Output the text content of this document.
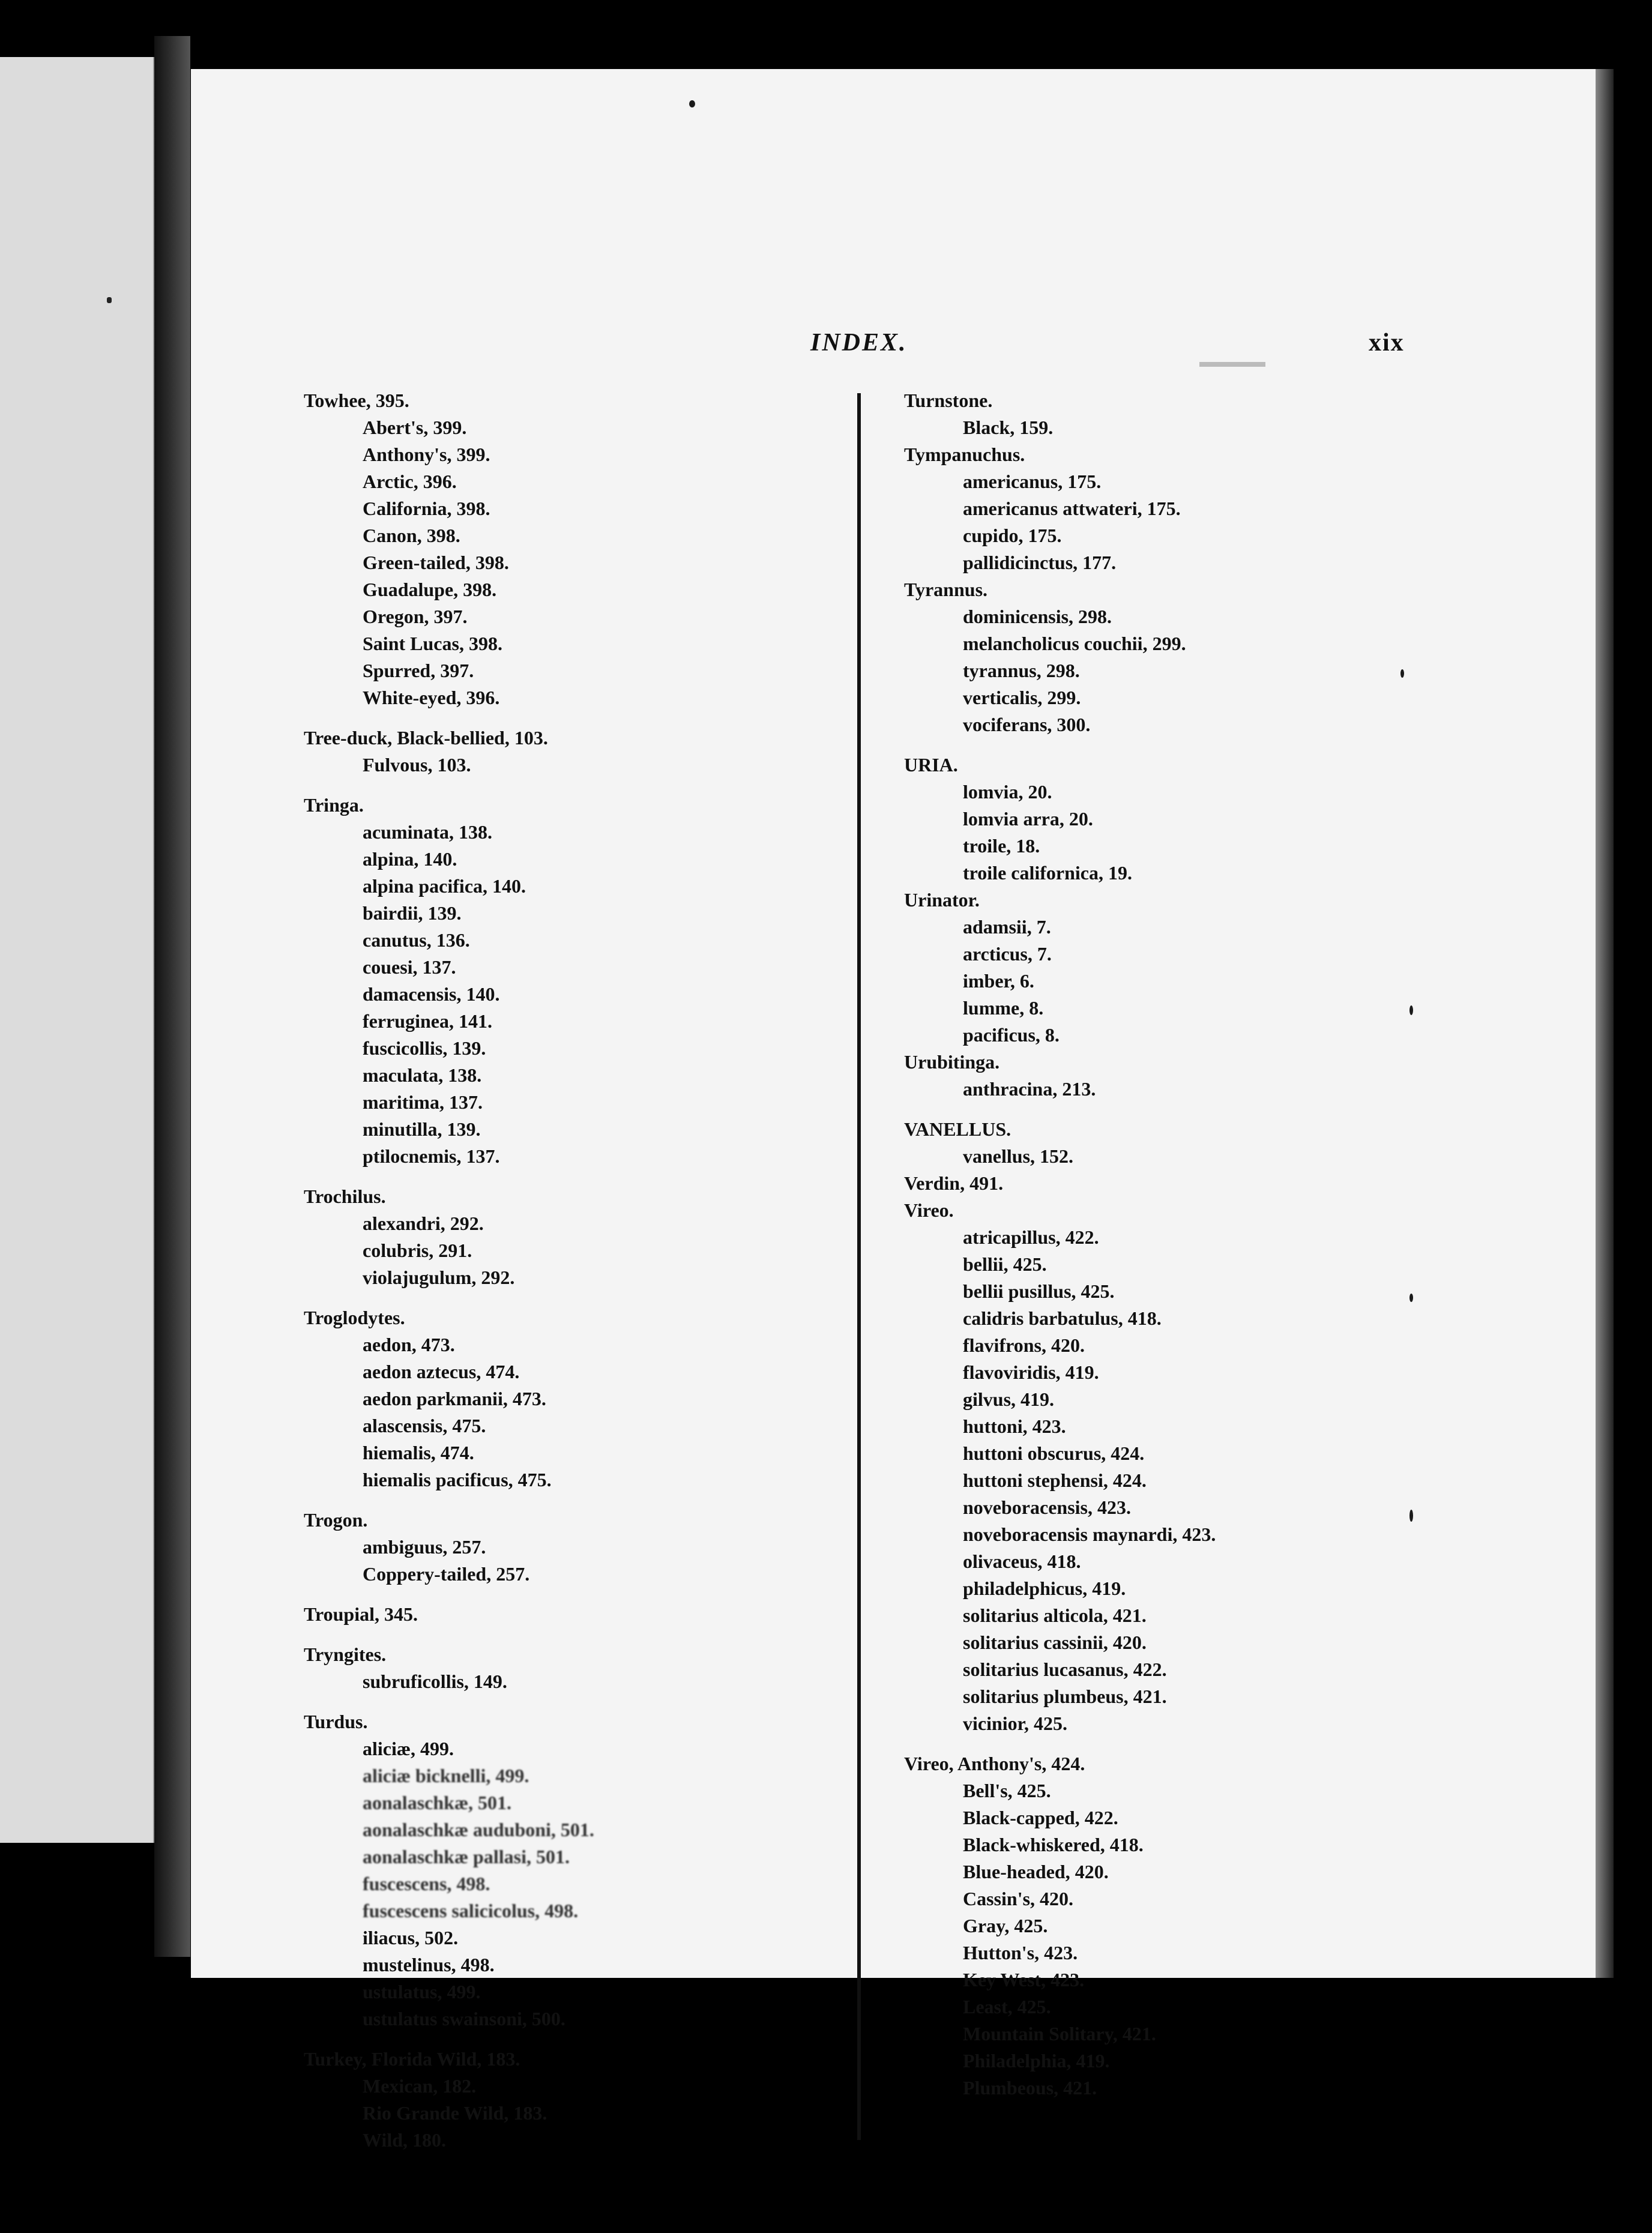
INDEX.	xix
Towhee, 395.
Abert's, 399.
Anthony's, 399.
Arctic, 396.
California, 398.
Canon, 398.
Green-tailed, 398.
Guadalupe, 398.
Oregon, 397.
Saint Lucas, 398.
Spurred, 397.
White-eyed, 396.
Tree-duck, Black-bellied, 103.
Fulvous, 103.
Tringa.
acuminata, 138.
alpina, 140.
alpina pacifica, 140.
bairdii, 139.
canutus, 136.
couesi, 137.
damacensis, 140.
ferruginea, 141.
fuscicollis, 139.
maculata, 138.
maritima, 137.
minutilla, 139.
ptilocnemis, 137.
Trochilus.
alexandri, 292.
colubris, 291.
violajugulum, 292.
Troglodytes.
aedon, 473.
aedon aztecus, 474.
aedon parkmanii, 473.
alascensis, 475.
hiemalis, 474.
hiemalis pacificus, 475.
Trogon.
ambiguus, 257.
Coppery-tailed, 257.
Troupial, 345.
Tryngites.
subruficollis, 149.
Turdus.
aliciæ, 499.
aliciæ bicknelli, 499.
aonalaschkæ, 501.
aonalaschkæ auduboni, 501.
aonalaschkæ pallasi, 501.
fuscescens, 498.
fuscescens salicicolus, 498.
iliacus, 502.
mustelinus, 498.
ustulatus, 499.
ustulatus swainsoni, 500.
Turkey, Florida Wild, 183.
Mexican, 182.
Rio Grande Wild, 183.
Wild, 180.
Turnstone.
Black, 159.
Tympanuchus.
americanus, 175.
americanus attwateri, 175.
cupido, 175.
pallidicinctus, 177.
Tyrannus.
dominicensis, 298.
melancholicus couchii, 299.
tyrannus, 298.
verticalis, 299.
vociferans, 300.
URIA.
lomvia, 20.
lomvia arra, 20.
troile, 18.
troile californica, 19.
Urinator.
adamsii, 7.
arcticus, 7.
imber, 6.
lumme, 8.
pacificus, 8.
Urubitinga.
anthracina, 213.
VANELLUS.
vanellus, 152.
Verdin, 491.
Vireo.
atricapillus, 422.
bellii, 425.
bellii pusillus, 425.
calidris barbatulus, 418.
flavifrons, 420.
flavoviridis, 419.
gilvus, 419.
huttoni, 423.
huttoni obscurus, 424.
huttoni stephensi, 424.
noveboracensis, 423.
noveboracensis maynardi, 423.
olivaceus, 418.
philadelphicus, 419.
solitarius alticola, 421.
solitarius cassinii, 420.
solitarius lucasanus, 422.
solitarius plumbeus, 421.
vicinior, 425.
Vireo, Anthony's, 424.
Bell's, 425.
Black-capped, 422.
Black-whiskered, 418.
Blue-headed, 420.
Cassin's, 420.
Gray, 425.
Hutton's, 423.
Key West, 423.
Least, 425.
Mountain Solitary, 421.
Philadelphia, 419.
Plumbeous, 421.
